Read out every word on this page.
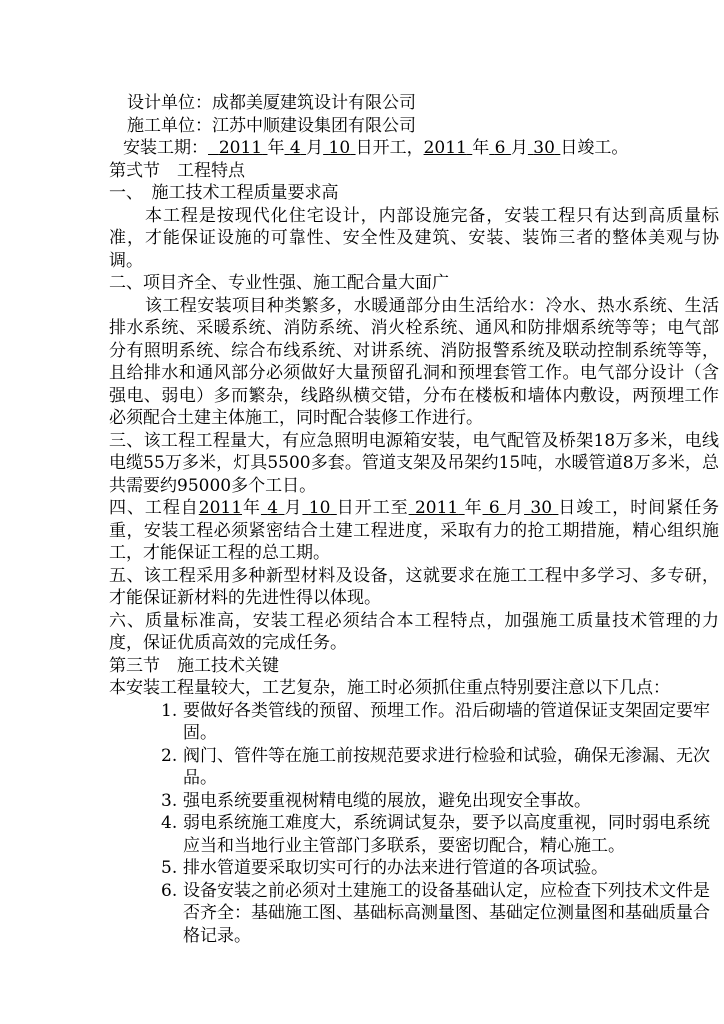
设计单位：成都美厦建筑设计有限公司

施工单位：江苏中顺建设集团有限公司

安装工期： 2011 年 4 月 10 日开工，2011 年 6 月 30 日竣工。

第弍节　工程特点

一、　施工技术工程质量要求高

本工程是按现代化住宅设计，内部设施完备，安装工程只有达到高质量标准，才能保证设施的可靠性、安全性及建筑、安装、装饰三者的整体美观与协调。

二、项目齐全、专业性强、施工配合量大面广

该工程安装项目种类繁多，水暖通部分由生活给水：冷水、热水系统、生活排水系统、采暖系统、消防系统、消火栓系统、通风和防排烟系统等等；电气部分有照明系统、综合布线系统、对讲系统、消防报警系统及联动控制系统等等，且给排水和通风部分必须做好大量预留孔洞和预埋套管工作。电气部分设计（含强电、弱电）多而繁杂，线路纵横交错，分布在楼板和墙体内敷设，两预埋工作必须配合土建主体施工，同时配合装修工作进行。

三、该工程工程量大，有应急照明电源箱安装，电气配管及桥架18万多米，电线电缆55万多米，灯具5500多套。管道支架及吊架约15吨，水暖管道8万多米，总共需要约95000多个工日。

四、工程自2011年 4 月 10 日开工至 2011 年 6 月 30 日竣工，时间紧任务重，安装工程必须紧密结合土建工程进度，采取有力的抢工期措施，精心组织施工，才能保证工程的总工期。

五、该工程采用多种新型材料及设备，这就要求在施工工程中多学习、多专研，才能保证新材料的先进性得以体现。

六、质量标准高，安装工程必须结合本工程特点，加强施工质量技术管理的力度，保证优质高效的完成任务。

第三节　施工技术关键

本安装工程量较大，工艺复杂，施工时必须抓住重点特别要注意以下几点：

1. 要做好各类管线的预留、预埋工作。沿后砌墙的管道保证支架固定要牢固。
2. 阀门、管件等在施工前按规范要求进行检验和试验，确保无渗漏、无次品。
3. 强电系统要重视树精电缆的展放，避免出现安全事故。
4. 弱电系统施工难度大，系统调试复杂，要予以高度重视，同时弱电系统应当和当地行业主管部门多联系，要密切配合，精心施工。
5. 排水管道要采取切实可行的办法来进行管道的各项试验。
6. 设备安装之前必须对土建施工的设备基础认定，应检查下列技术文件是否齐全：基础施工图、基础标高测量图、基础定位测量图和基础质量合格记录。
